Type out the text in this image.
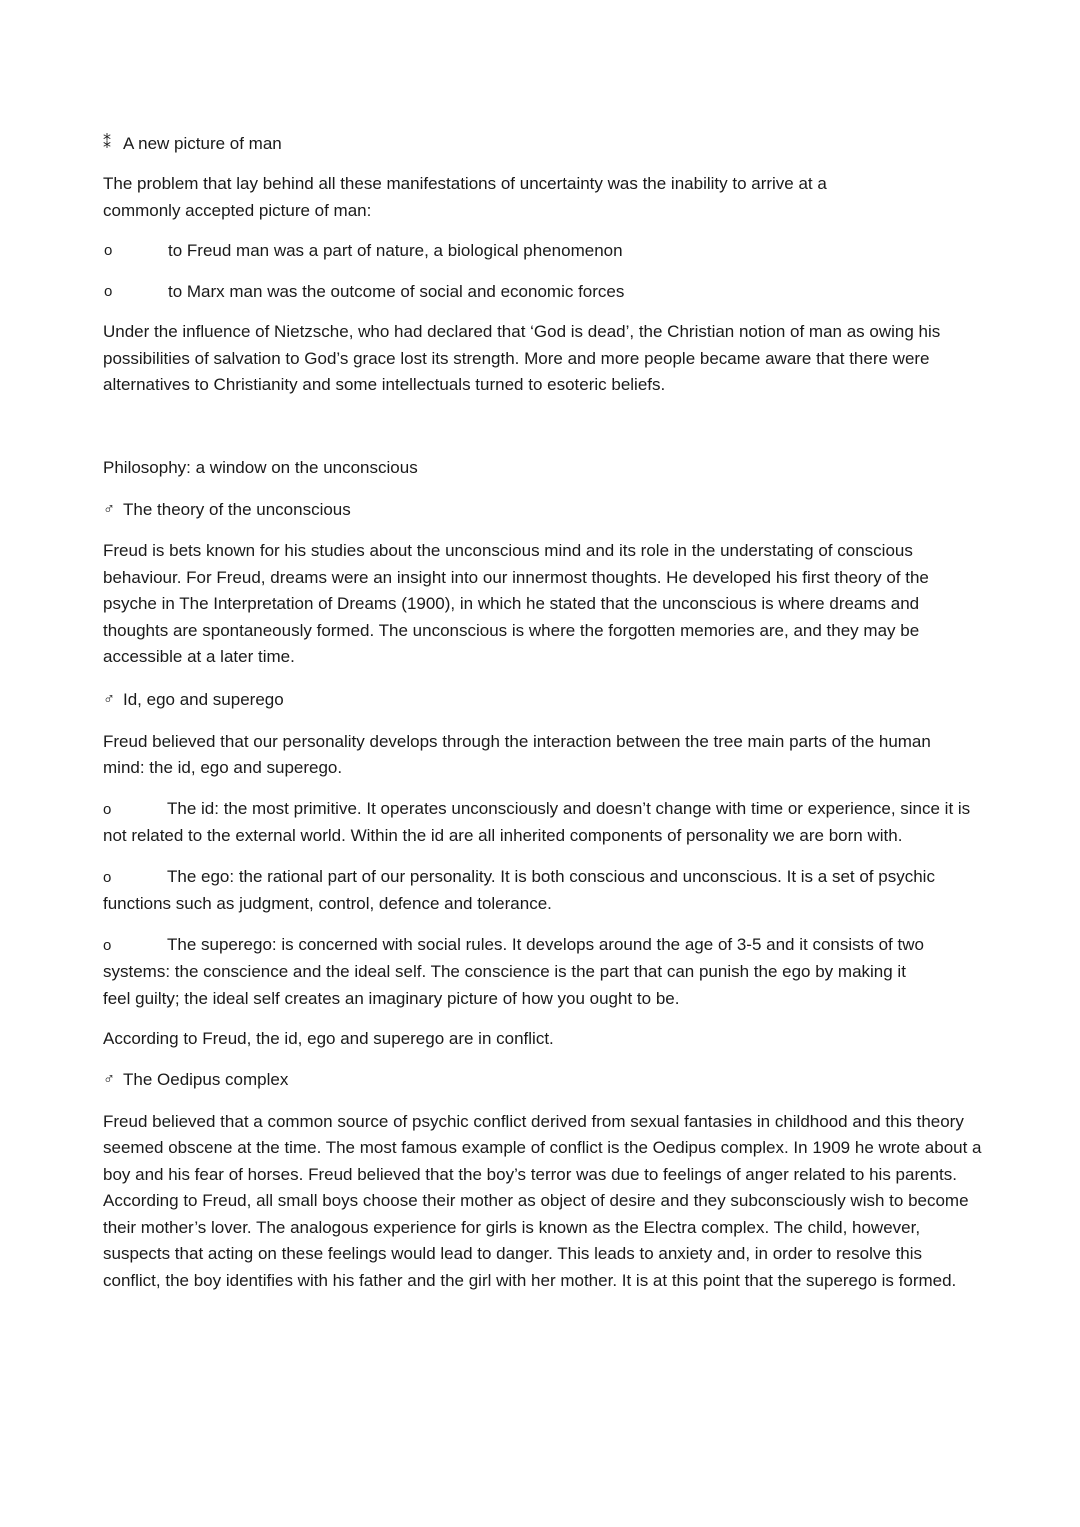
⁑ A new picture of man

The problem that lay behind all these manifestations of uncertainty was the inability to arrive at a commonly accepted picture of man:

o	to Freud man was a part of nature, a biological phenomenon
o	to Marx man was the outcome of social and economic forces

Under the influence of Nietzsche, who had declared that ‘God is dead’, the Christian notion of man as owing his possibilities of salvation to God’s grace lost its strength. More and more people became aware that there were alternatives to Christianity and some intellectuals turned to esoteric beliefs.

Philosophy: a window on the unconscious

♂ The theory of the unconscious

Freud is bets known for his studies about the unconscious mind and its role in the understating of conscious behaviour. For Freud, dreams were an insight into our innermost thoughts. He developed his first theory of the psyche in The Interpretation of Dreams (1900), in which he stated that the unconscious is where dreams and thoughts are spontaneously formed. The unconscious is where the forgotten memories are, and they may be accessible at a later time.

♂ Id, ego and superego

Freud believed that our personality develops through the interaction between the tree main parts of the human mind: the id, ego and superego.

o	The id: the most primitive. It operates unconsciously and doesn’t change with time or experience, since it is not related to the external world. Within the id are all inherited components of personality we are born with.

o	The ego: the rational part of our personality. It is both conscious and unconscious. It is a set of psychic functions such as judgment, control, defence and tolerance.

o	The superego: is concerned with social rules. It develops around the age of 3-5 and it consists of two systems: the conscience and the ideal self. The conscience is the part that can punish the ego by making it feel guilty; the ideal self creates an imaginary picture of how you ought to be.

According to Freud, the id, ego and superego are in conflict.

♂ The Oedipus complex

Freud believed that a common source of psychic conflict derived from sexual fantasies in childhood and this theory seemed obscene at the time. The most famous example of conflict is the Oedipus complex. In 1909 he wrote about a boy and his fear of horses. Freud believed that the boy’s terror was due to feelings of anger related to his parents. According to Freud, all small boys choose their mother as object of desire and they subconsciously wish to become their mother’s lover. The analogous experience for girls is known as the Electra complex. The child, however, suspects that acting on these feelings would lead to danger. This leads to anxiety and, in order to resolve this conflict, the boy identifies with his father and the girl with her mother. It is at this point that the superego is formed.
